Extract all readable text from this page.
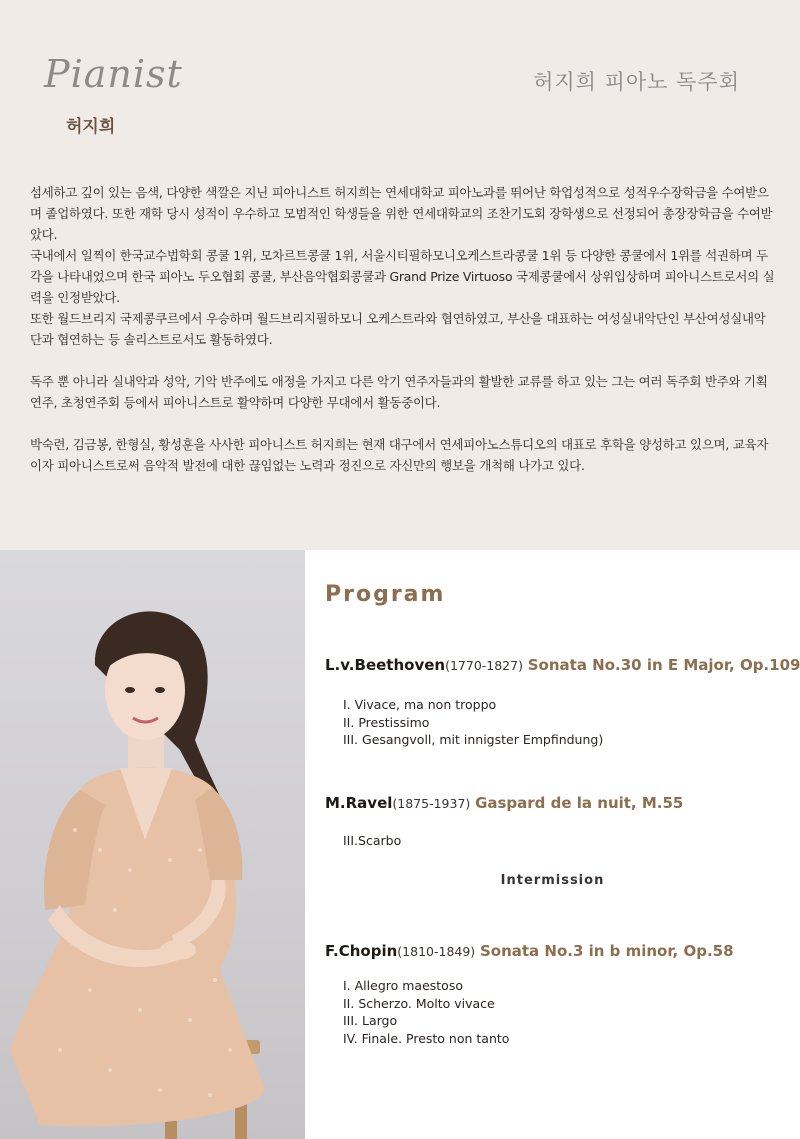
Pianist
허지희
허지희 피아노 독주회

섬세하고 깊이 있는 음색, 다양한 색깔은 지닌 피아니스트 허지희는 연세대학교 피아노과를 뛰어난 학업성적으로 성적우수장학금을 수여받으며 졸업하였다. 또한 재학 당시 성적이 우수하고 모범적인 학생들을 위한 연세대학교의 조찬기도회 장학생으로 선정되어 총장장학금을 수여받았다.

국내에서 일찍이 한국교수법학회 콩쿨 1위, 모차르트콩쿨 1위, 서울시티필하모니오케스트라콩쿨 1위 등 다양한 콩쿨에서 1위를 석권하며 두각을 나타내었으며 한국 피아노 두오협회 콩쿨, 부산음악협회콩쿨과 Grand Prize Virtuoso 국제콩쿨에서 상위입상하며 피아니스트로서의 실력을 인정받았다.

또한 월드브리지 국제콩쿠르에서 우승하며 월드브리지필하모니 오케스트라와 협연하였고, 부산을 대표하는 여성실내악단인 부산여성실내악단과 협연하는 등 솔리스트로서도 활동하였다.

독주 뿐 아니라 실내악과 성악, 기악 반주에도 애정을 가지고 다른 악기 연주자들과의 활발한 교류를 하고 있는 그는 여러 독주회 반주와 기획 연주, 초청연주회 등에서 피아니스트로 활약하며 다양한 무대에서 활동중이다.

박숙련, 김금봉, 한형실, 황성훈을 사사한 피아니스트 허지희는 현재 대구에서 연세피아노스튜디오의 대표로 후학을 양성하고 있으며, 교육자이자 피아니스트로써 음악적 발전에 대한 끊임없는 노력과 정진으로 자신만의 행보을 개척해 나가고 있다.

Program
L.v.Beethoven(1770-1827) Sonata No.30 in E Major, Op.109
I. Vivace, ma non troppo
II. Prestissimo
III. Gesangvoll, mit innigster Empfindung)
M.Ravel(1875-1937) Gaspard de la nuit, M.55
III.Scarbo
Intermission
F.Chopin(1810-1849) Sonata No.3 in b minor, Op.58
I. Allegro maestoso
II. Scherzo. Molto vivace
III. Largo
IV. Finale. Presto non tanto
